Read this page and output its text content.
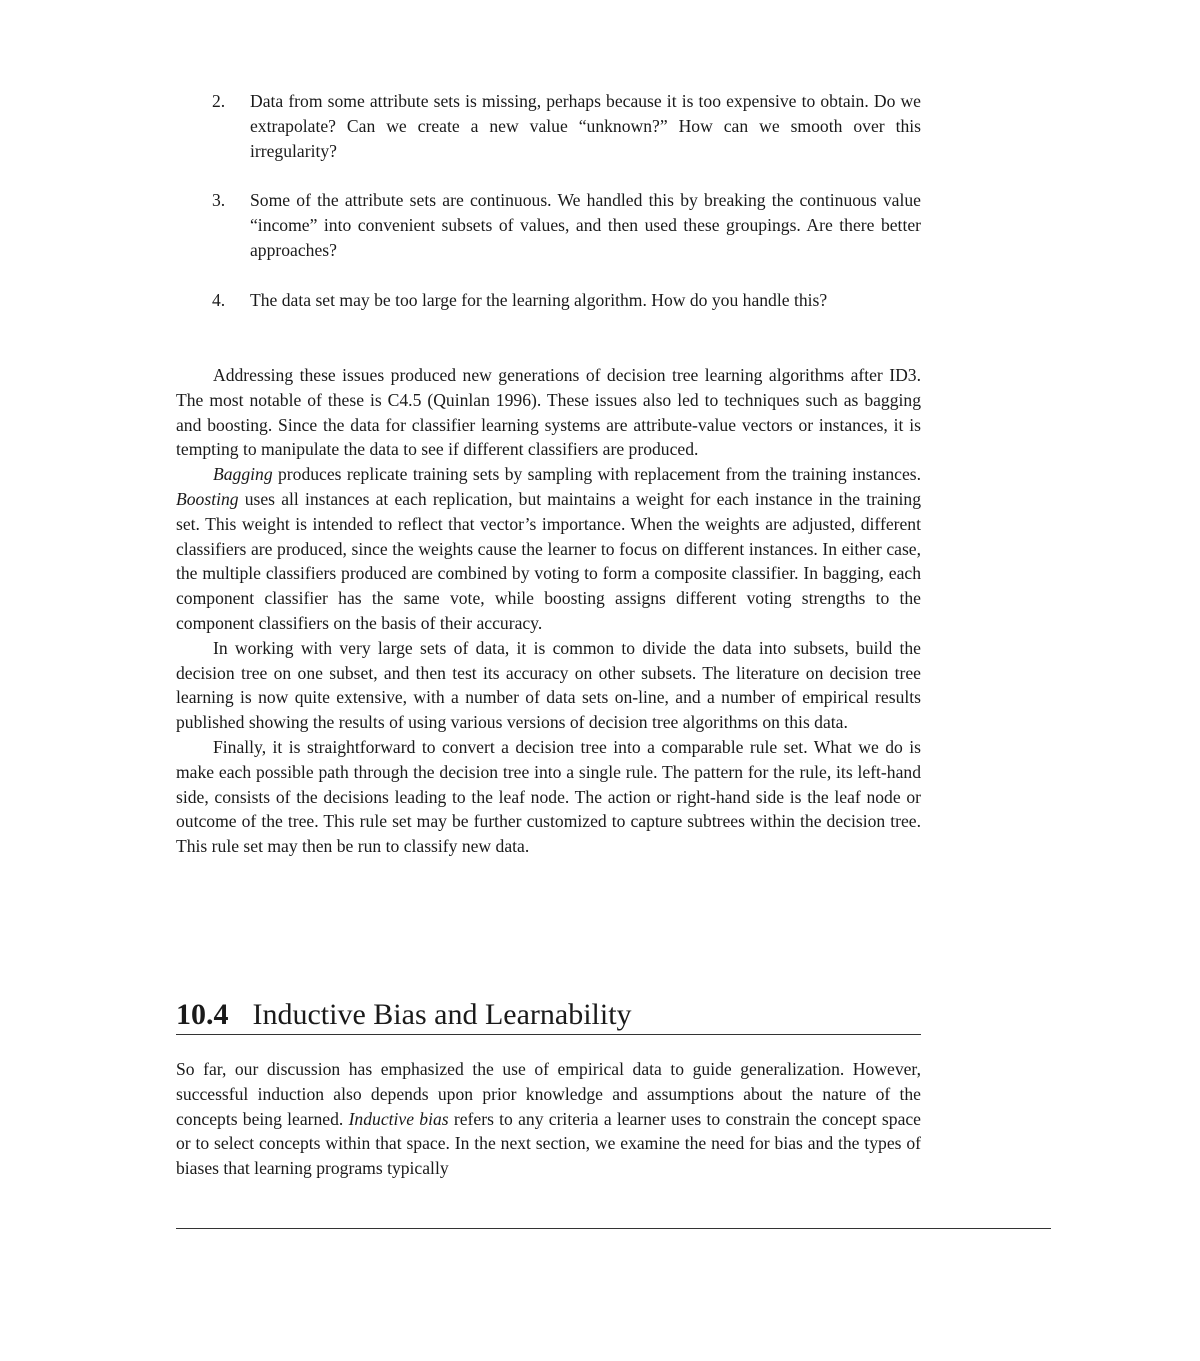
2.	Data from some attribute sets is missing, perhaps because it is too expensive to obtain. Do we extrapolate? Can we create a new value “unknown?” How can we smooth over this irregularity?
3.	Some of the attribute sets are continuous. We handled this by breaking the continuous value “income” into convenient subsets of values, and then used these groupings. Are there better approaches?
4.	The data set may be too large for the learning algorithm. How do you handle this?

Addressing these issues produced new generations of decision tree learning algorithms after ID3. The most notable of these is C4.5 (Quinlan 1996). These issues also led to techniques such as bagging and boosting. Since the data for classifier learning systems are attribute-value vectors or instances, it is tempting to manipulate the data to see if different classifiers are produced.

Bagging produces replicate training sets by sampling with replacement from the training instances. Boosting uses all instances at each replication, but maintains a weight for each instance in the training set. This weight is intended to reflect that vector’s importance. When the weights are adjusted, different classifiers are produced, since the weights cause the learner to focus on different instances. In either case, the multiple classifiers produced are combined by voting to form a composite classifier. In bagging, each component classifier has the same vote, while boosting assigns different voting strengths to the component classifiers on the basis of their accuracy.

In working with very large sets of data, it is common to divide the data into subsets, build the decision tree on one subset, and then test its accuracy on other subsets. The literature on decision tree learning is now quite extensive, with a number of data sets on-line, and a number of empirical results published showing the results of using various versions of decision tree algorithms on this data.

Finally, it is straightforward to convert a decision tree into a comparable rule set. What we do is make each possible path through the decision tree into a single rule. The pattern for the rule, its left-hand side, consists of the decisions leading to the leaf node. The action or right-hand side is the leaf node or outcome of the tree. This rule set may be further customized to capture subtrees within the decision tree. This rule set may then be run to classify new data.

10.4 Inductive Bias and Learnability

So far, our discussion has emphasized the use of empirical data to guide generalization. However, successful induction also depends upon prior knowledge and assumptions about the nature of the concepts being learned. Inductive bias refers to any criteria a learner uses to constrain the concept space or to select concepts within that space. In the next section, we examine the need for bias and the types of biases that learning programs typically
